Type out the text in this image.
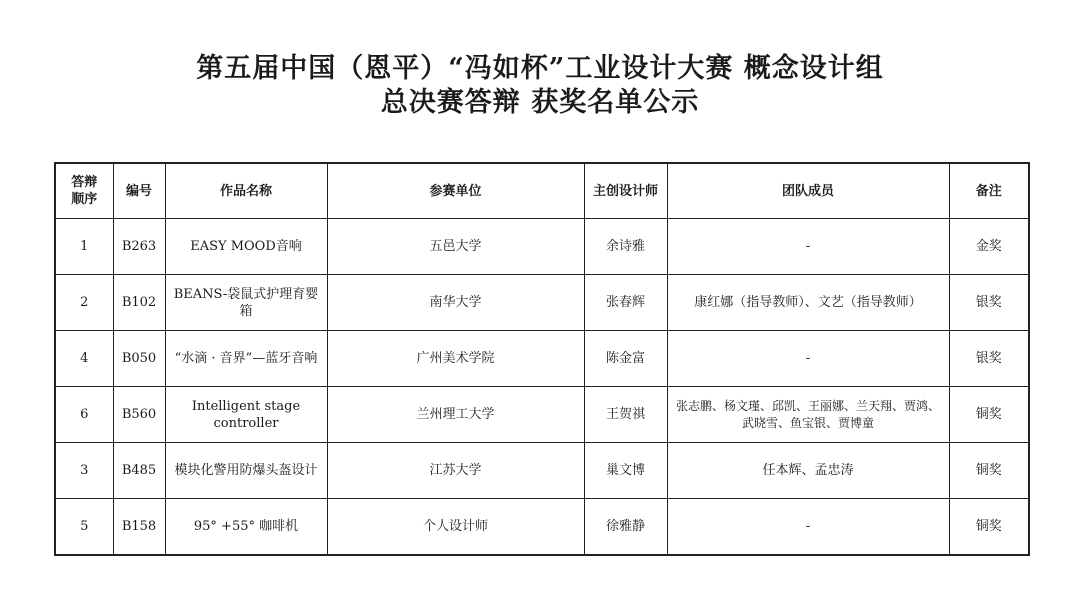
第五届中国（恩平）“冯如杯”工业设计大赛 概念设计组
总决赛答辩 获奖名单公示
答辩顺序	编号	作品名称	参赛单位	主创设计师	团队成员	备注
1	B263	EASY MOOD音响	五邑大学	余诗雅	-	金奖
2	B102	BEANS-袋鼠式护理育婴箱	南华大学	张春辉	康红娜（指导教师）、文艺（指导教师）	银奖
4	B050	“水滴 · 音界”—蓝牙音响	广州美术学院	陈金富	-	银奖
6	B560	Intelligent stage controller	兰州理工大学	王贺祺	张志鹏、杨文瑾、邱凯、王丽娜、兰天翔、贾鸿、武晓雪、鱼宝银、贾博童	铜奖
3	B485	模块化警用防爆头盔设计	江苏大学	巢文博	任本辉、孟忠涛	铜奖
5	B158	95° +55° 咖啡机	个人设计师	徐雅静	-	铜奖
